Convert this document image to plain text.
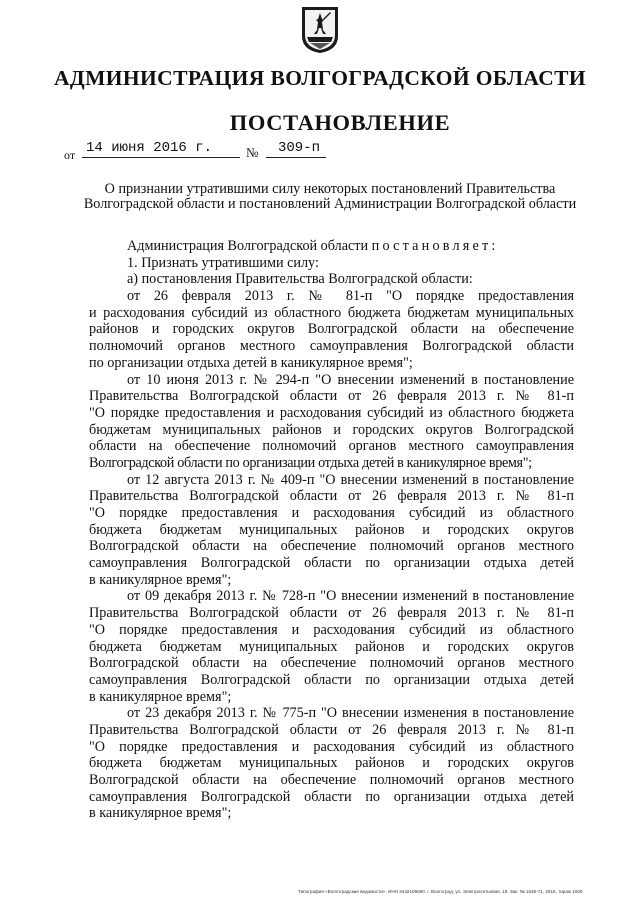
АДМИНИСТРАЦИЯ ВОЛГОГРАДСКОЙ ОБЛАСТИ
ПОСТАНОВЛЕНИЕ
от 14 июня 2016 г.	№ 309-п
О признании утратившими силу некоторых постановлений Правительства
Волгоградской области и постановлений Администрации Волгоградской области
Администрация Волгоградской области постановляет:
1. Признать утратившими силу:
а) постановления Правительства Волгоградской области:
от 26 февраля 2013 г. № 81-п "О порядке предоставления
и расходования субсидий из областного бюджета бюджетам муниципальных
районов и городских округов Волгоградской области на обеспечение
полномочий органов местного самоуправления Волгоградской области
по организации отдыха детей в каникулярное время";
от 10 июня 2013 г. № 294-п "О внесении изменений в постановление
Правительства Волгоградской области от 26 февраля 2013 г. № 81-п
"О порядке предоставления и расходования субсидий из областного бюджета
бюджетам муниципальных районов и городских округов Волгоградской
области на обеспечение полномочий органов местного самоуправления
Волгоградской области по организации отдыха детей в каникулярное время";
от 12 августа 2013 г. № 409-п "О внесении изменений в постановление
Правительства Волгоградской области от 26 февраля 2013 г. № 81-п
"О порядке предоставления и расходования субсидий из областного
бюджета бюджетам муниципальных районов и городских округов
Волгоградской области на обеспечение полномочий органов местного
самоуправления Волгоградской области по организации отдыха детей
в каникулярное время";
от 09 декабря 2013 г. № 728-п "О внесении изменений в постановление
Правительства Волгоградской области от 26 февраля 2013 г. № 81-п
"О порядке предоставления и расходования субсидий из областного
бюджета бюджетам муниципальных районов и городских округов
Волгоградской области на обеспечение полномочий органов местного
самоуправления Волгоградской области по организации отдыха детей
в каникулярное время";
от 23 декабря 2013 г. № 775-п "О внесении изменения в постановление
Правительства Волгоградской области от 26 февраля 2013 г. № 81-п
"О порядке предоставления и расходования субсидий из областного
бюджета бюджетам муниципальных районов и городских округов
Волгоградской области на обеспечение полномочий органов местного
самоуправления Волгоградской области по организации отдыха детей
в каникулярное время";
Типография «Волгоградские ведомости». ИНН 3442106690. г. Волгоград, ул. Электросетьевая, 19. Зак. № 1535-71, 2016, тираж 1000
